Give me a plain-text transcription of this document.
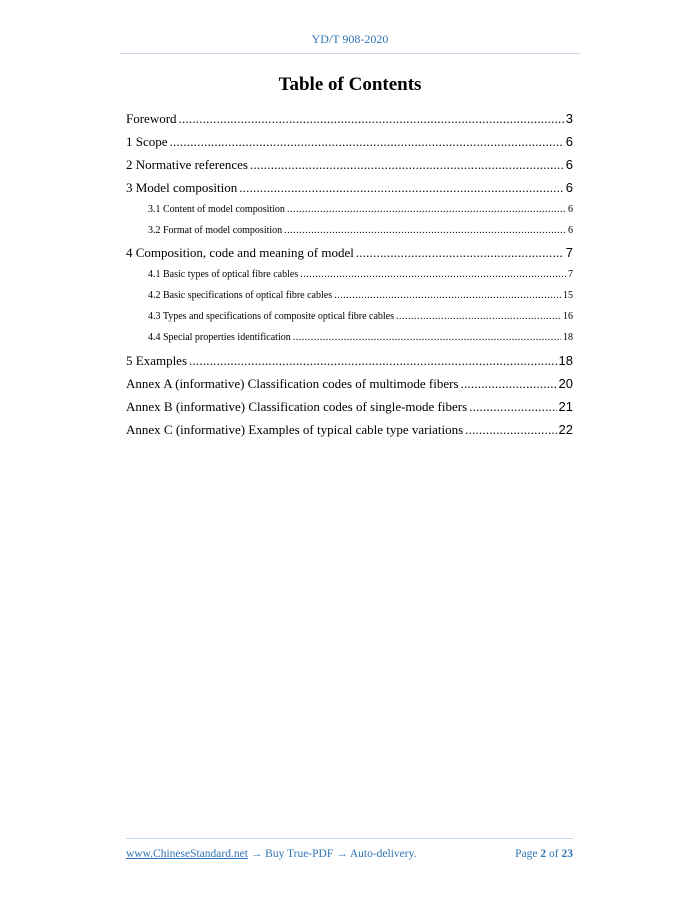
YD/T 908-2020
Table of Contents
Foreword .....	3
1 Scope .....	6
2 Normative references .....	6
3 Model composition .....	6
3.1 Content of model composition .....	6
3.2 Format of model composition .....	6
4 Composition, code and meaning of model .....	7
4.1 Basic types of optical fibre cables .....	7
4.2 Basic specifications of optical fibre cables .....	15
4.3 Types and specifications of composite optical fibre cables .....	16
4.4 Special properties identification .....	18
5 Examples .....	18
Annex A (informative) Classification codes of multimode fibers .....	20
Annex B (informative) Classification codes of single-mode fibers .....	21
Annex C (informative) Examples of typical cable type variations .....	22
www.ChineseStandard.net → Buy True-PDF → Auto-delivery.	Page 2 of 23
